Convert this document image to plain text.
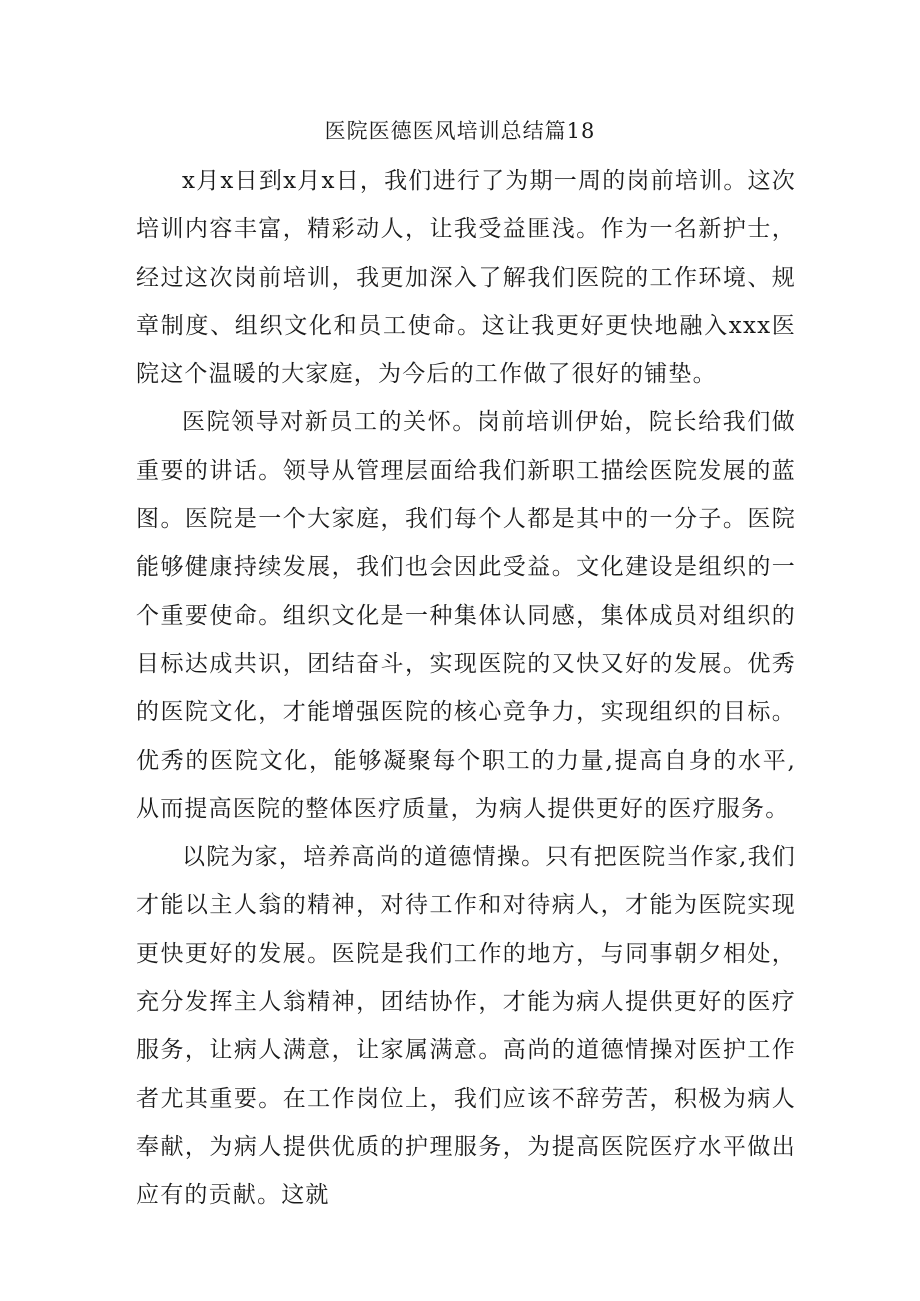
医院医德医风培训总结篇18

x月x日到x月x日，我们进行了为期一周的岗前培训。这次培训内容丰富，精彩动人，让我受益匪浅。作为一名新护士，经过这次岗前培训，我更加深入了解我们医院的工作环境、规章制度、组织文化和员工使命。这让我更好更快地融入xxx医院这个温暖的大家庭，为今后的工作做了很好的铺垫。

医院领导对新员工的关怀。岗前培训伊始，院长给我们做重要的讲话。领导从管理层面给我们新职工描绘医院发展的蓝图。医院是一个大家庭，我们每个人都是其中的一分子。医院能够健康持续发展，我们也会因此受益。文化建设是组织的一个重要使命。组织文化是一种集体认同感，集体成员对组织的目标达成共识，团结奋斗，实现医院的又快又好的发展。优秀的医院文化，才能增强医院的核心竞争力，实现组织的目标。优秀的医院文化，能够凝聚每个职工的力量,提高自身的水平,从而提高医院的整体医疗质量，为病人提供更好的医疗服务。

以院为家，培养高尚的道德情操。只有把医院当作家,我们才能以主人翁的精神，对待工作和对待病人，才能为医院实现更快更好的发展。医院是我们工作的地方，与同事朝夕相处，充分发挥主人翁精神，团结协作，才能为病人提供更好的医疗服务，让病人满意，让家属满意。高尚的道德情操对医护工作者尤其重要。在工作岗位上，我们应该不辞劳苦，积极为病人奉献，为病人提供优质的护理服务，为提高医院医疗水平做出应有的贡献。这就
